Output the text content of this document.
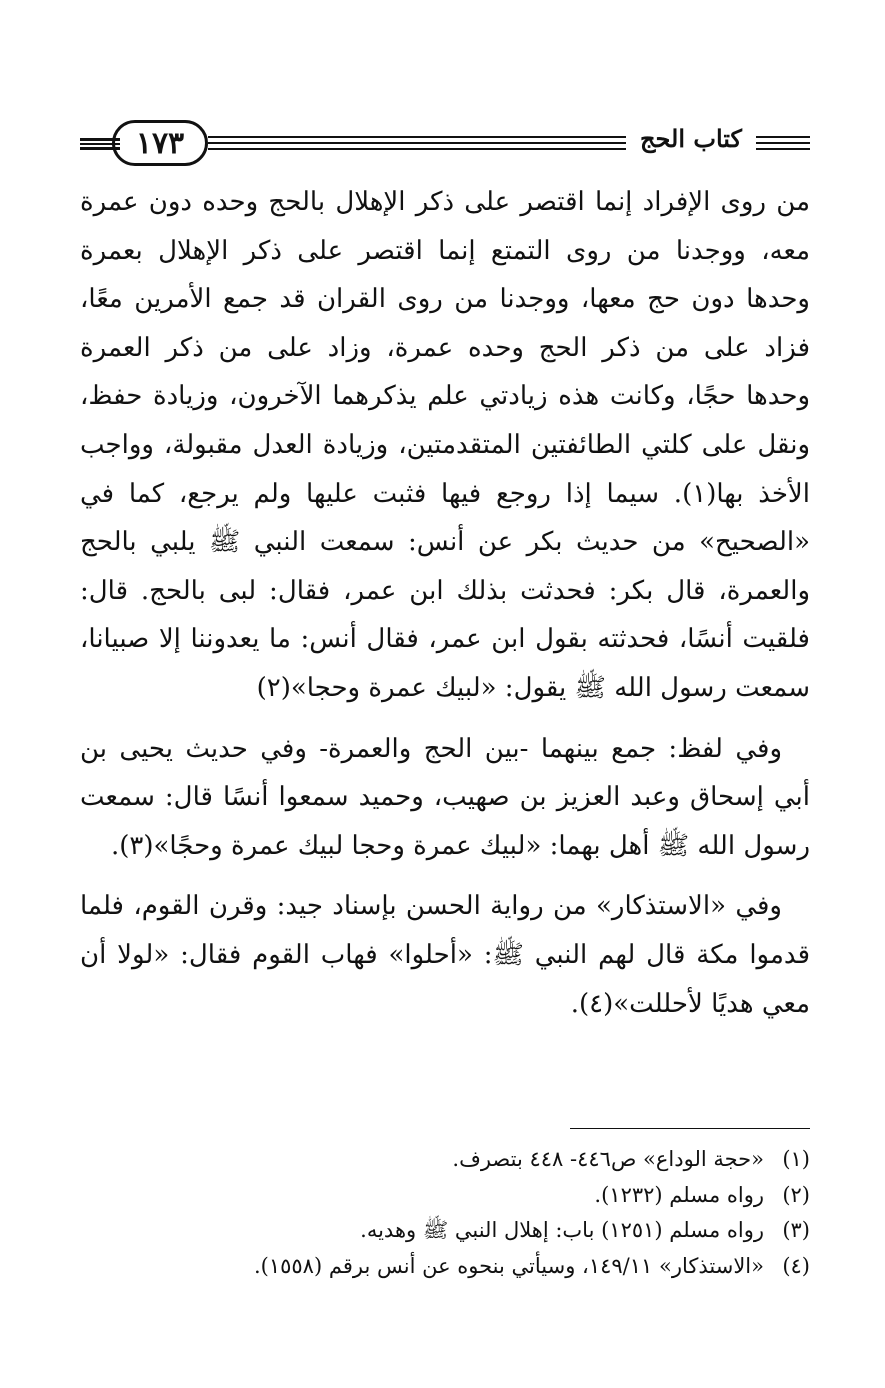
١٧٣	كتاب الحج

من روى الإفراد إنما اقتصر على ذكر الإهلال بالحج وحده دون عمرة معه، ووجدنا من روى التمتع إنما اقتصر على ذكر الإهلال بعمرة وحدها دون حج معها، ووجدنا من روى القران قد جمع الأمرين معًا، فزاد على من ذكر الحج وحده عمرة، وزاد على من ذكر العمرة وحدها حجًا، وكانت هذه زيادتي علم يذكرهما الآخرون، وزيادة حفظ، ونقل على كلتي الطائفتين المتقدمتين، وزيادة العدل مقبولة، وواجب الأخذ بها(١). سيما إذا روجع فيها فثبت عليها ولم يرجع، كما في «الصحيح» من حديث بكر عن أنس: سمعت النبي ﷺ يلبي بالحج والعمرة، قال بكر: فحدثت بذلك ابن عمر، فقال: لبى بالحج. قال: فلقيت أنسًا، فحدثته بقول ابن عمر، فقال أنس: ما يعدوننا إلا صبيانا، سمعت رسول الله ﷺ يقول: «لبيك عمرة وحجا»(٢)

وفي لفظ: جمع بينهما -بين الحج والعمرة- وفي حديث يحيى بن أبي إسحاق وعبد العزيز بن صهيب، وحميد سمعوا أنسًا قال: سمعت رسول الله ﷺ أهل بهما: «لبيك عمرة وحجا لبيك عمرة وحجًا»(٣).

وفي «الاستذكار» من رواية الحسن بإسناد جيد: وقرن القوم، فلما قدموا مكة قال لهم النبي ﷺ: «أحلوا» فهاب القوم فقال: «لولا أن معي هديًا لأحللت»(٤).

(١)
«حجة الوداع» ص٤٤٦- ٤٤٨ بتصرف.
(٢)
رواه مسلم (١٢٣٢).
(٣)
رواه مسلم (١٢٥١) باب: إهلال النبي ﷺ وهديه.
(٤)
«الاستذكار» ١٤٩/١١، وسيأتي بنحوه عن أنس برقم (١٥٥٨).
